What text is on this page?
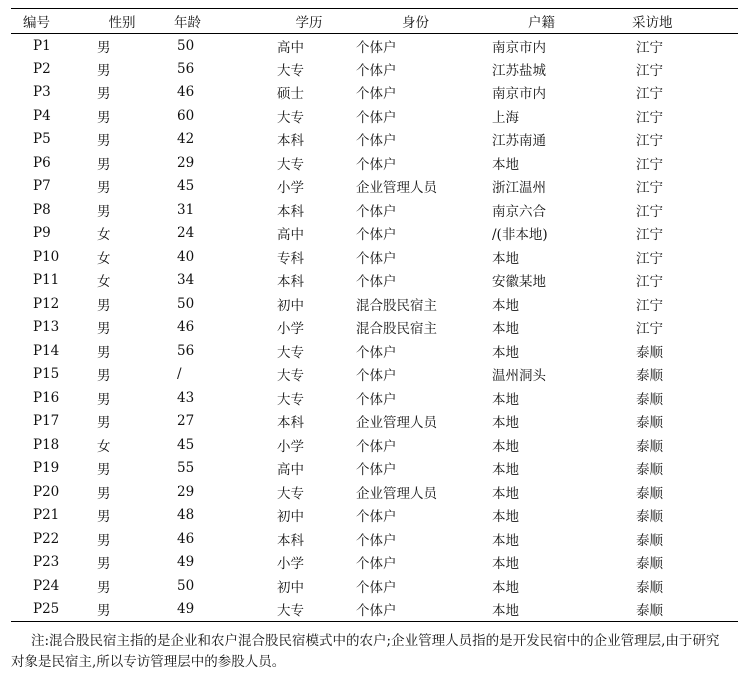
编号	性别	年龄	学历	身份	户籍	采访地
P1	男	50	高中	个体户	南京市内	江宁
P2	男	56	大专	个体户	江苏盐城	江宁
P3	男	46	硕士	个体户	南京市内	江宁
P4	男	60	大专	个体户	上海	江宁
P5	男	42	本科	个体户	江苏南通	江宁
P6	男	29	大专	个体户	本地	江宁
P7	男	45	小学	企业管理人员	浙江温州	江宁
P8	男	31	本科	个体户	南京六合	江宁
P9	女	24	高中	个体户	/(非本地)	江宁
P10	女	40	专科	个体户	本地	江宁
P11	女	34	本科	个体户	安徽某地	江宁
P12	男	50	初中	混合股民宿主	本地	江宁
P13	男	46	小学	混合股民宿主	本地	江宁
P14	男	56	大专	个体户	本地	泰顺
P15	男	/	大专	个体户	温州洞头	泰顺
P16	男	43	大专	个体户	本地	泰顺
P17	男	27	本科	企业管理人员	本地	泰顺
P18	女	45	小学	个体户	本地	泰顺
P19	男	55	高中	个体户	本地	泰顺
P20	男	29	大专	企业管理人员	本地	泰顺
P21	男	48	初中	个体户	本地	泰顺
P22	男	46	本科	个体户	本地	泰顺
P23	男	49	小学	个体户	本地	泰顺
P24	男	50	初中	个体户	本地	泰顺
P25	男	49	大专	个体户	本地	泰顺

注:混合股民宿主指的是企业和农户混合股民宿模式中的农户;企业管理人员指的是开发民宿中的企业管理层,由于研究

对象是民宿主,所以专访管理层中的参股人员。
